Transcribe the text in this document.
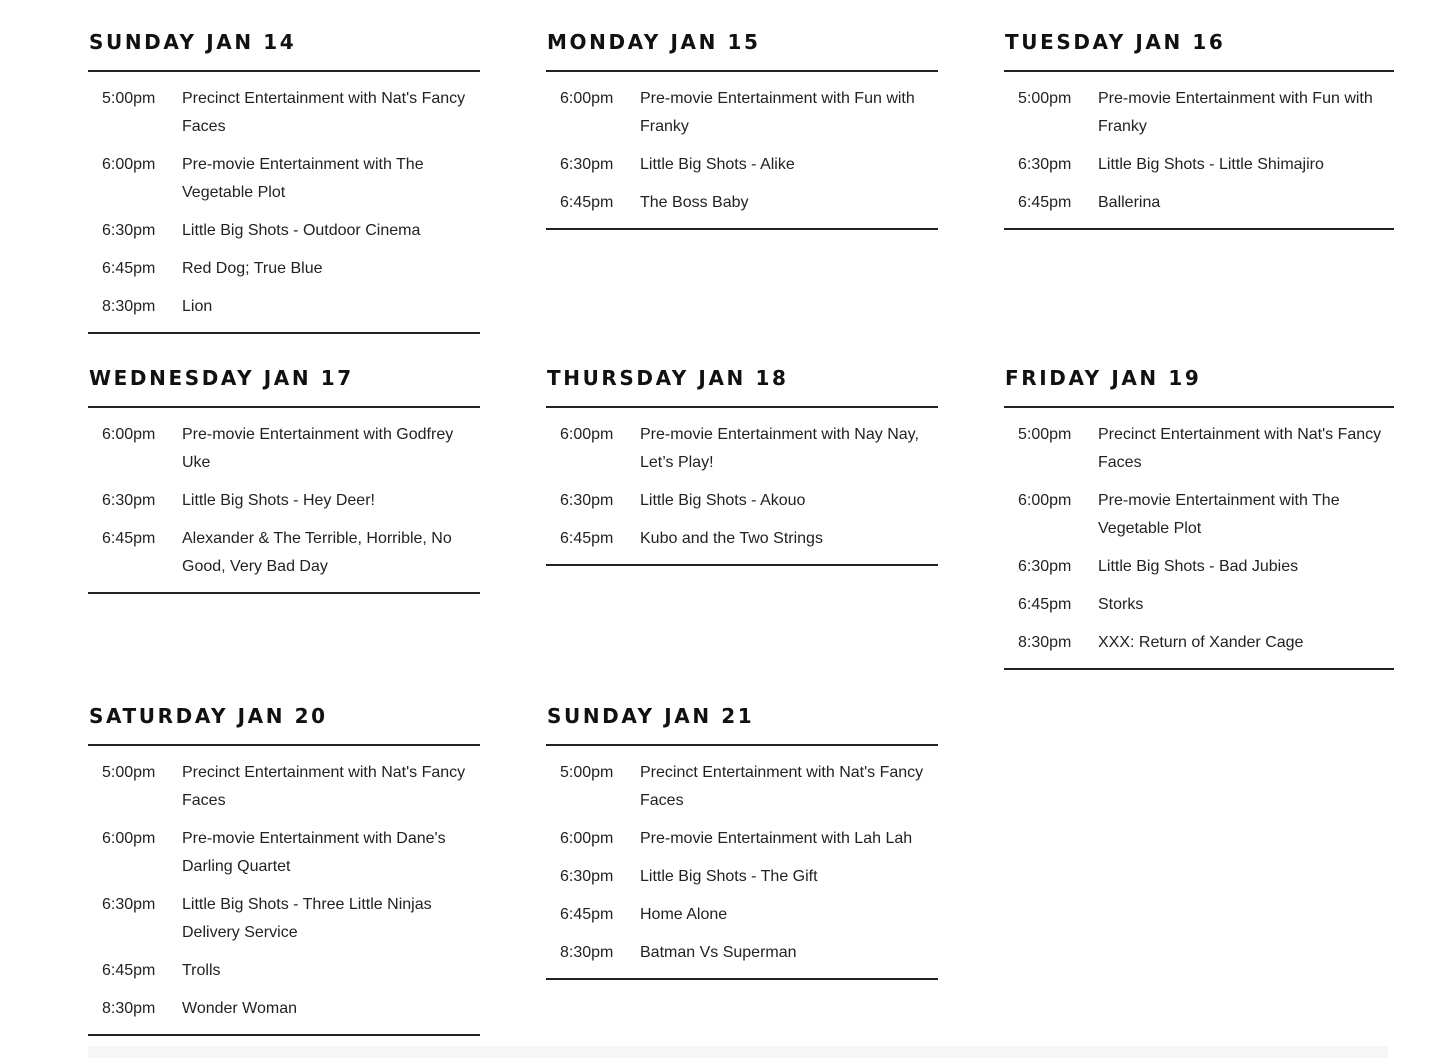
SUNDAY JAN 14
5:00pm	Precinct Entertainment with Nat's Fancy Faces
6:00pm	Pre-movie Entertainment with The Vegetable Plot
6:30pm	Little Big Shots - Outdoor Cinema
6:45pm	Red Dog; True Blue
8:30pm	Lion
MONDAY JAN 15
6:00pm	Pre-movie Entertainment with Fun with Franky
6:30pm	Little Big Shots - Alike
6:45pm	The Boss Baby
TUESDAY JAN 16
5:00pm	Pre-movie Entertainment with Fun with Franky
6:30pm	Little Big Shots - Little Shimajiro
6:45pm	Ballerina
WEDNESDAY JAN 17
6:00pm	Pre-movie Entertainment with Godfrey Uke
6:30pm	Little Big Shots - Hey Deer!
6:45pm	Alexander & The Terrible, Horrible, No Good, Very Bad Day
THURSDAY JAN 18
6:00pm	Pre-movie Entertainment with Nay Nay, Let’s Play!
6:30pm	Little Big Shots - Akouo
6:45pm	Kubo and the Two Strings
FRIDAY JAN 19
5:00pm	Precinct Entertainment with Nat's Fancy Faces
6:00pm	Pre-movie Entertainment with The Vegetable Plot
6:30pm	Little Big Shots - Bad Jubies
6:45pm	Storks
8:30pm	XXX: Return of Xander Cage
SATURDAY JAN 20
5:00pm	Precinct Entertainment with Nat's Fancy Faces
6:00pm	Pre-movie Entertainment with Dane's Darling Quartet
6:30pm	Little Big Shots - Three Little Ninjas Delivery Service
6:45pm	Trolls
8:30pm	Wonder Woman
SUNDAY JAN 21
5:00pm	Precinct Entertainment with Nat's Fancy Faces
6:00pm	Pre-movie Entertainment with Lah Lah
6:30pm	Little Big Shots - The Gift
6:45pm	Home Alone
8:30pm	Batman Vs Superman
